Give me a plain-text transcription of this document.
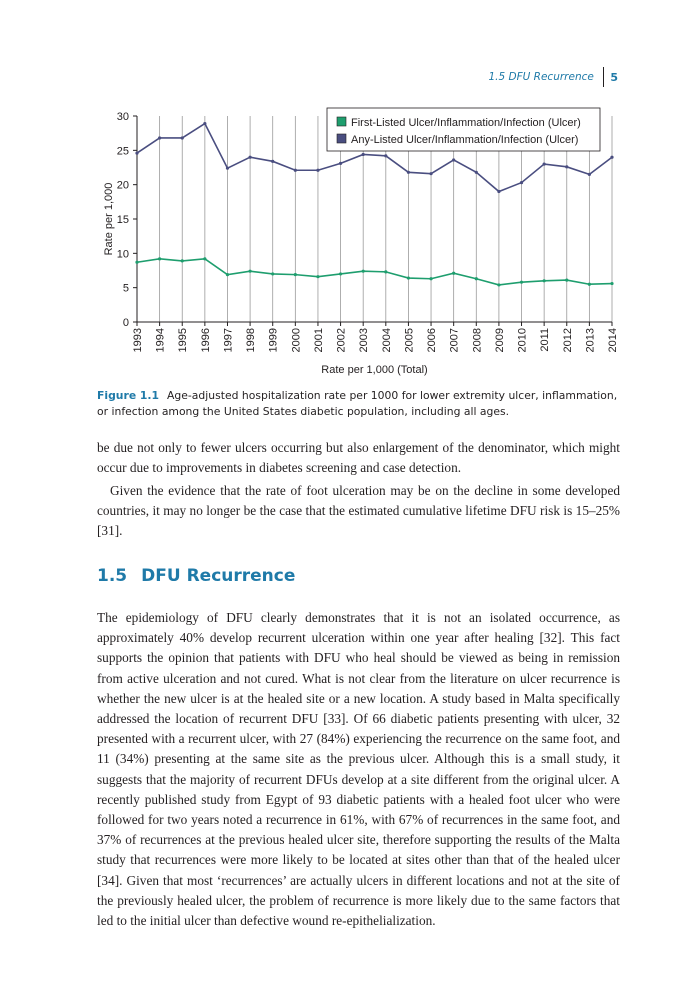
1.5 DFU Recurrence 5
0
5
10
15
20
25
30
1993 1994 1995 1996 1997 1998 1999 2000 2001 2002 2003 2004 2005 2006 2007 2008 2009 2010 2011 2012 2013 2014
Rate per 1,000
Rate per 1,000 (Total)
First-Listed Ulcer/Inflammation/Infection (Ulcer)
Any-Listed Ulcer/Inflammation/Infection (Ulcer)
Figure 1.1 Age-adjusted hospitalization rate per 1000 for lower extremity ulcer, inflammation, or infection among the United States diabetic population, including all ages.

be due not only to fewer ulcers occurring but also enlargement of the denominator, which might occur due to improvements in diabetes screening and case detection.

Given the evidence that the rate of foot ulceration may be on the decline in some developed countries, it may no longer be the case that the estimated cumulative lifetime DFU risk is 15–25% [31].

1.5 DFU Recurrence

The epidemiology of DFU clearly demonstrates that it is not an isolated occurrence, as approximately 40% develop recurrent ulceration within one year after healing [32]. This fact supports the opinion that patients with DFU who heal should be viewed as being in remission from active ulceration and not cured. What is not clear from the literature on ulcer recurrence is whether the new ulcer is at the healed site or a new location. A study based in Malta specifically addressed the location of recurrent DFU [33]. Of 66 diabetic patients presenting with ulcer, 32 presented with a recurrent ulcer, with 27 (84%) experiencing the recurrence on the same foot, and 11 (34%) presenting at the same site as the previous ulcer. Although this is a small study, it suggests that the majority of recurrent DFUs develop at a site different from the original ulcer. A recently published study from Egypt of 93 diabetic patients with a healed foot ulcer who were followed for two years noted a recurrence in 61%, with 67% of recurrences in the same foot, and 37% of recurrences at the previous healed ulcer site, therefore supporting the results of the Malta study that recurrences were more likely to be located at sites other than that of the healed ulcer [34]. Given that most ‘recurrences’ are actually ulcers in different locations and not at the site of the previously healed ulcer, the problem of recurrence is more likely due to the same factors that led to the initial ulcer than defective wound re-epithelialization.
